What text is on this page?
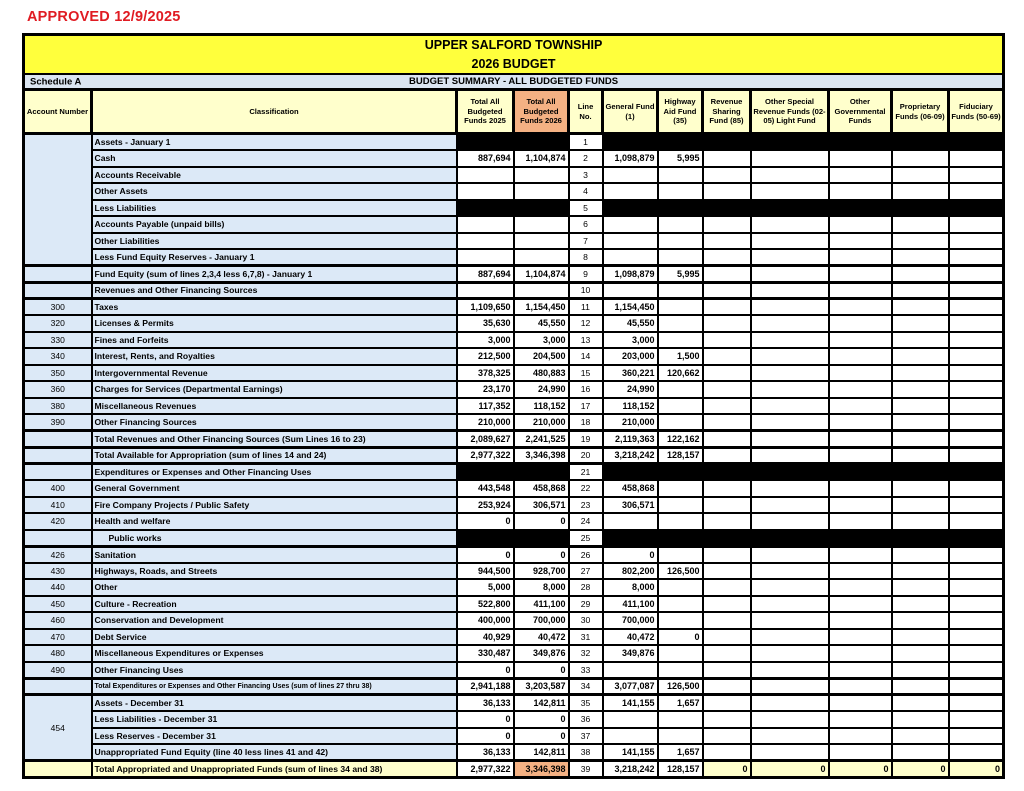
APPROVED 12/9/2025
UPPER SALFORD TOWNSHIP
2026 BUDGET											

Schedule A BUDGET SUMMARY - ALL BUDGETED FUNDS											
Account Number	Classification	Total All Budgeted Funds 2025	Total All Budgeted Funds 2026	Line No.	General Fund (1)	Highway Aid Fund (35)	Revenue Sharing Fund (85)	Other Special Revenue Funds (02-05) Light Fund	Other Governmental Funds	Proprietary Funds (06-09)	Fiduciary Funds (50-69)
	Assets - January 1			1							
	Cash	887,694	1,104,874	2	1,098,879	5,995					
	Accounts Receivable			3							
	Other Assets			4							
	Less Liabilities			5							
	Accounts Payable (unpaid bills)			6							
	Other Liabilities			7							
	Less Fund Equity Reserves - January 1			8							
	Fund Equity (sum of lines 2,3,4 less 6,7,8) - January 1	887,694	1,104,874	9	1,098,879	5,995					
	Revenues and Other Financing Sources			10							
300	Taxes	1,109,650	1,154,450	11	1,154,450						
320	Licenses & Permits	35,630	45,550	12	45,550						
330	Fines and Forfeits	3,000	3,000	13	3,000						
340	Interest, Rents, and Royalties	212,500	204,500	14	203,000	1,500					
350	Intergovernmental Revenue	378,325	480,883	15	360,221	120,662					
360	Charges for Services (Departmental Earnings)	23,170	24,990	16	24,990						
380	Miscellaneous Revenues	117,352	118,152	17	118,152						
390	Other Financing Sources	210,000	210,000	18	210,000						
	Total Revenues and Other Financing Sources (Sum Lines 16 to 23)	2,089,627	2,241,525	19	2,119,363	122,162					
	Total Available for Appropriation (sum of lines 14 and 24)	2,977,322	3,346,398	20	3,218,242	128,157					
	Expenditures or Expenses and Other Financing Uses			21							
400	General Government	443,548	458,868	22	458,868						
410	Fire Company Projects / Public Safety	253,924	306,571	23	306,571						
420	Health and welfare	0	0	24							
	Public works			25							
426	Sanitation	0	0	26	0						
430	Highways, Roads, and Streets	944,500	928,700	27	802,200	126,500					
440	Other	5,000	8,000	28	8,000						
450	Culture - Recreation	522,800	411,100	29	411,100						
460	Conservation and Development	400,000	700,000	30	700,000						
470	Debt Service	40,929	40,472	31	40,472	0					
480	Miscellaneous Expenditures or Expenses	330,487	349,876	32	349,876						
490	Other Financing Uses	0	0	33							
	Total Expenditures or Expenses and Other Financing Uses (sum of lines 27 thru 38)	2,941,188	3,203,587	34	3,077,087	126,500					
454	Assets - December 31	36,133	142,811	35	141,155	1,657					
	Less Liabilities - December 31	0	0	36							
	Less Reserves - December 31	0	0	37							
	Unappropriated Fund Equity (line 40 less lines 41 and 42)	36,133	142,811	38	141,155	1,657					
	Total Appropriated and Unappropriated Funds (sum of lines 34 and 38)	2,977,322	3,346,398	39	3,218,242	128,157	0	0	0	0	0
